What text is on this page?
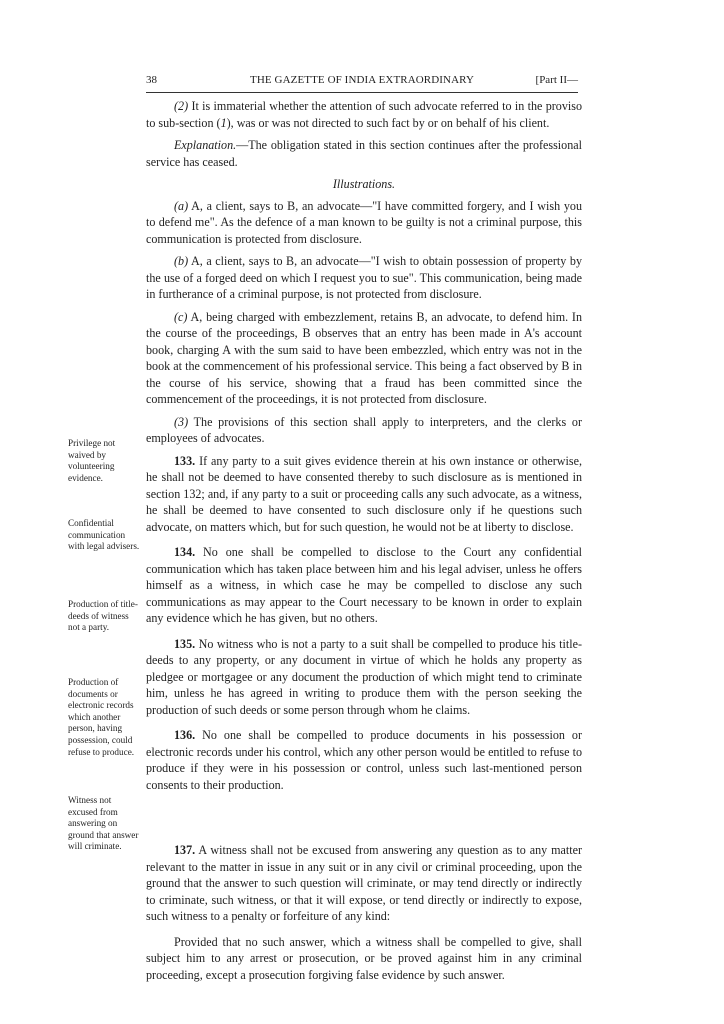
38	THE GAZETTE OF INDIA EXTRAORDINARY	[Part II—

(2) It is immaterial whether the attention of such advocate referred to in the proviso to sub-section (1), was or was not directed to such fact by or on behalf of his client.

Explanation.—The obligation stated in this section continues after the professional service has ceased.

Illustrations.

(a) A, a client, says to B, an advocate—"I have committed forgery, and I wish you to defend me". As the defence of a man known to be guilty is not a criminal purpose, this communication is protected from disclosure.

(b) A, a client, says to B, an advocate—"I wish to obtain possession of property by the use of a forged deed on which I request you to sue". This communication, being made in furtherance of a criminal purpose, is not protected from disclosure.

(c) A, being charged with embezzlement, retains B, an advocate, to defend him. In the course of the proceedings, B observes that an entry has been made in A's account book, charging A with the sum said to have been embezzled, which entry was not in the book at the commencement of his professional service. This being a fact observed by B in the course of his service, showing that a fraud has been committed since the commencement of the proceedings, it is not protected from disclosure.

(3) The provisions of this section shall apply to interpreters, and the clerks or employees of advocates.

133. If any party to a suit gives evidence therein at his own instance or otherwise, he shall not be deemed to have consented thereby to such disclosure as is mentioned in section 132; and, if any party to a suit or proceeding calls any such advocate, as a witness, he shall be deemed to have consented to such disclosure only if he questions such advocate, on matters which, but for such question, he would not be at liberty to disclose.

134. No one shall be compelled to disclose to the Court any confidential communication which has taken place between him and his legal adviser, unless he offers himself as a witness, in which case he may be compelled to disclose any such communications as may appear to the Court necessary to be known in order to explain any evidence which he has given, but no others.

135. No witness who is not a party to a suit shall be compelled to produce his title-deeds to any property, or any document in virtue of which he holds any property as pledgee or mortgagee or any document the production of which might tend to criminate him, unless he has agreed in writing to produce them with the person seeking the production of such deeds or some person through whom he claims.

136. No one shall be compelled to produce documents in his possession or electronic records under his control, which any other person would be entitled to refuse to produce if they were in his possession or control, unless such last-mentioned person consents to their production.

137. A witness shall not be excused from answering any question as to any matter relevant to the matter in issue in any suit or in any civil or criminal proceeding, upon the ground that the answer to such question will criminate, or may tend directly or indirectly to criminate, such witness, or that it will expose, or tend directly or indirectly to expose, such witness to a penalty or forfeiture of any kind:

Provided that no such answer, which a witness shall be compelled to give, shall subject him to any arrest or prosecution, or be proved against him in any criminal proceeding, except a prosecution forgiving false evidence by such answer.

Privilege not waived by volunteering evidence.
Confidential communication with legal advisers.
Production of title-deeds of witness not a party.
Production of documents or electronic records which another person, having possession, could refuse to produce.
Witness not excused from answering on ground that answer will criminate.
